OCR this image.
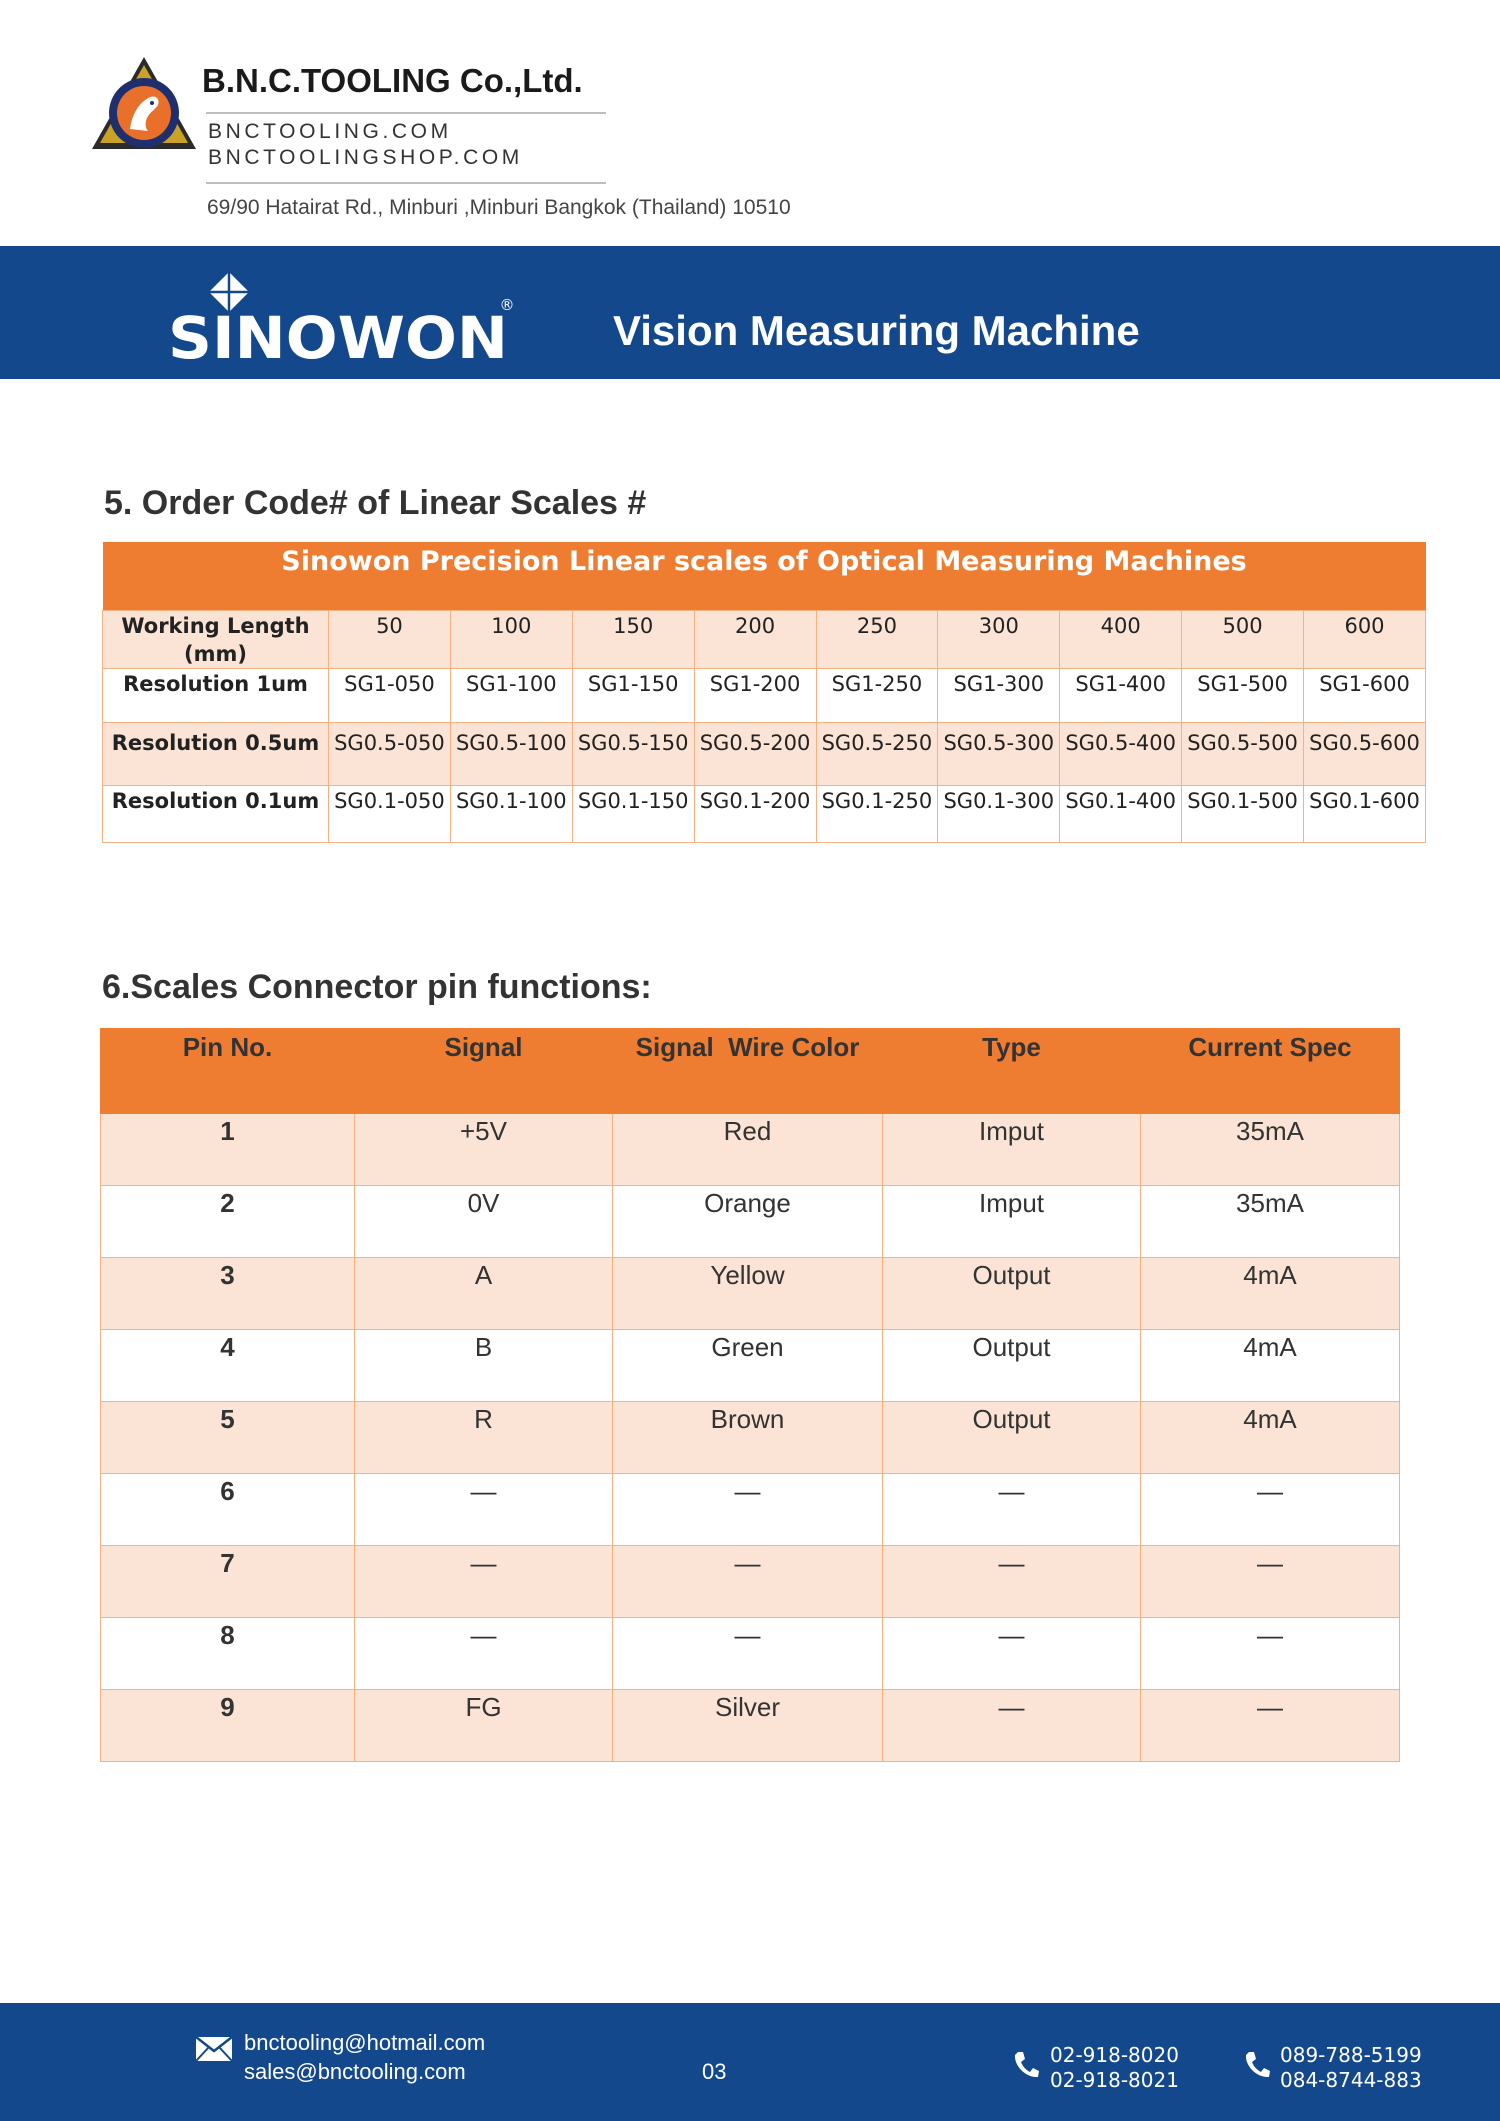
B.N.C.TOOLING Co.,Ltd.
BNCTOOLING.COM
BNCTOOLINGSHOP.COM
69/90 Hatairat Rd., Minburi ,Minburi Bangkok (Thailand) 10510
SINOWON
®
Vision Measuring Machine
5. Order Code# of Linear Scales #
Sinowon Precision Linear scales of Optical Measuring Machines									
Working Length (mm)	50	100	150	200	250	300	400	500	600
Resolution 1um	SG1-050	SG1-100	SG1-150	SG1-200	SG1-250	SG1-300	SG1-400	SG1-500	SG1-600
Resolution 0.5um	SG0.5-050	SG0.5-100	SG0.5-150	SG0.5-200	SG0.5-250	SG0.5-300	SG0.5-400	SG0.5-500	SG0.5-600
Resolution 0.1um	SG0.1-050	SG0.1-100	SG0.1-150	SG0.1-200	SG0.1-250	SG0.1-300	SG0.1-400	SG0.1-500	SG0.1-600
6.Scales Connector pin functions:
Pin No.	Signal	Signal  Wire Color	Type	Current Spec
1	+5V	Red	Imput	35mA
2	0V	Orange	Imput	35mA
3	A	Yellow	Output	4mA
4	B	Green	Output	4mA
5	R	Brown	Output	4mA
6	—	—	—	—
7	—	—	—	—
8	—	—	—	—
9	FG	Silver	—	—
bnctooling@hotmail.com
sales@bnctooling.com	03
02-918-8020
02-918-8021
089-788-5199
084-8744-883
